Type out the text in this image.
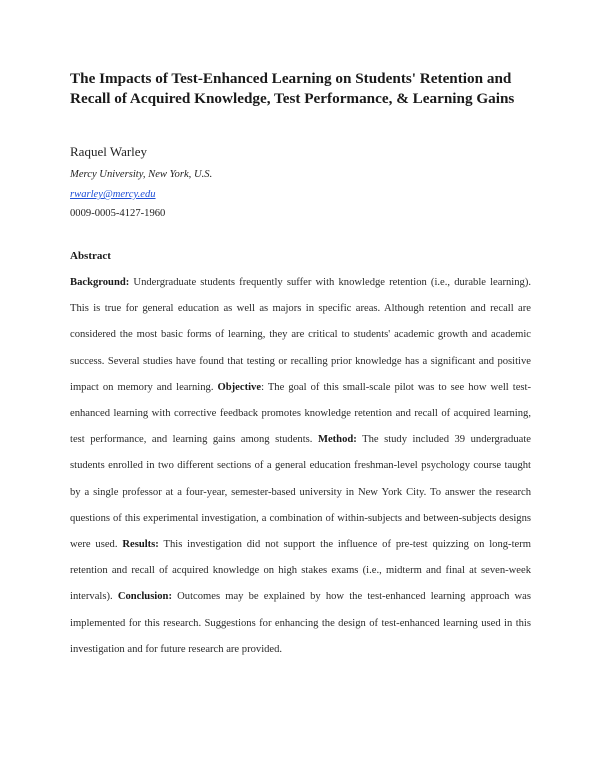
The Impacts of Test-Enhanced Learning on Students' Retention and Recall of Acquired Knowledge, Test Performance, & Learning Gains

Raquel Warley

Mercy University, New York, U.S.

rwarley@mercy.edu

0009-0005-4127-1960

Abstract

Background: Undergraduate students frequently suffer with knowledge retention (i.e., durable learning). This is true for general education as well as majors in specific areas. Although retention and recall are considered the most basic forms of learning, they are critical to students' academic growth and academic success. Several studies have found that testing or recalling prior knowledge has a significant and positive impact on memory and learning. Objective: The goal of this small-scale pilot was to see how well test-enhanced learning with corrective feedback promotes knowledge retention and recall of acquired learning, test performance, and learning gains among students. Method: The study included 39 undergraduate students enrolled in two different sections of a general education freshman-level psychology course taught by a single professor at a four-year, semester-based university in New York City. To answer the research questions of this experimental investigation, a combination of within-subjects and between-subjects designs were used. Results: This investigation did not support the influence of pre-test quizzing on long-term retention and recall of acquired knowledge on high stakes exams (i.e., midterm and final at seven-week intervals). Conclusion: Outcomes may be explained by how the test-enhanced learning approach was implemented for this research. Suggestions for enhancing the design of test-enhanced learning used in this investigation and for future research are provided.
